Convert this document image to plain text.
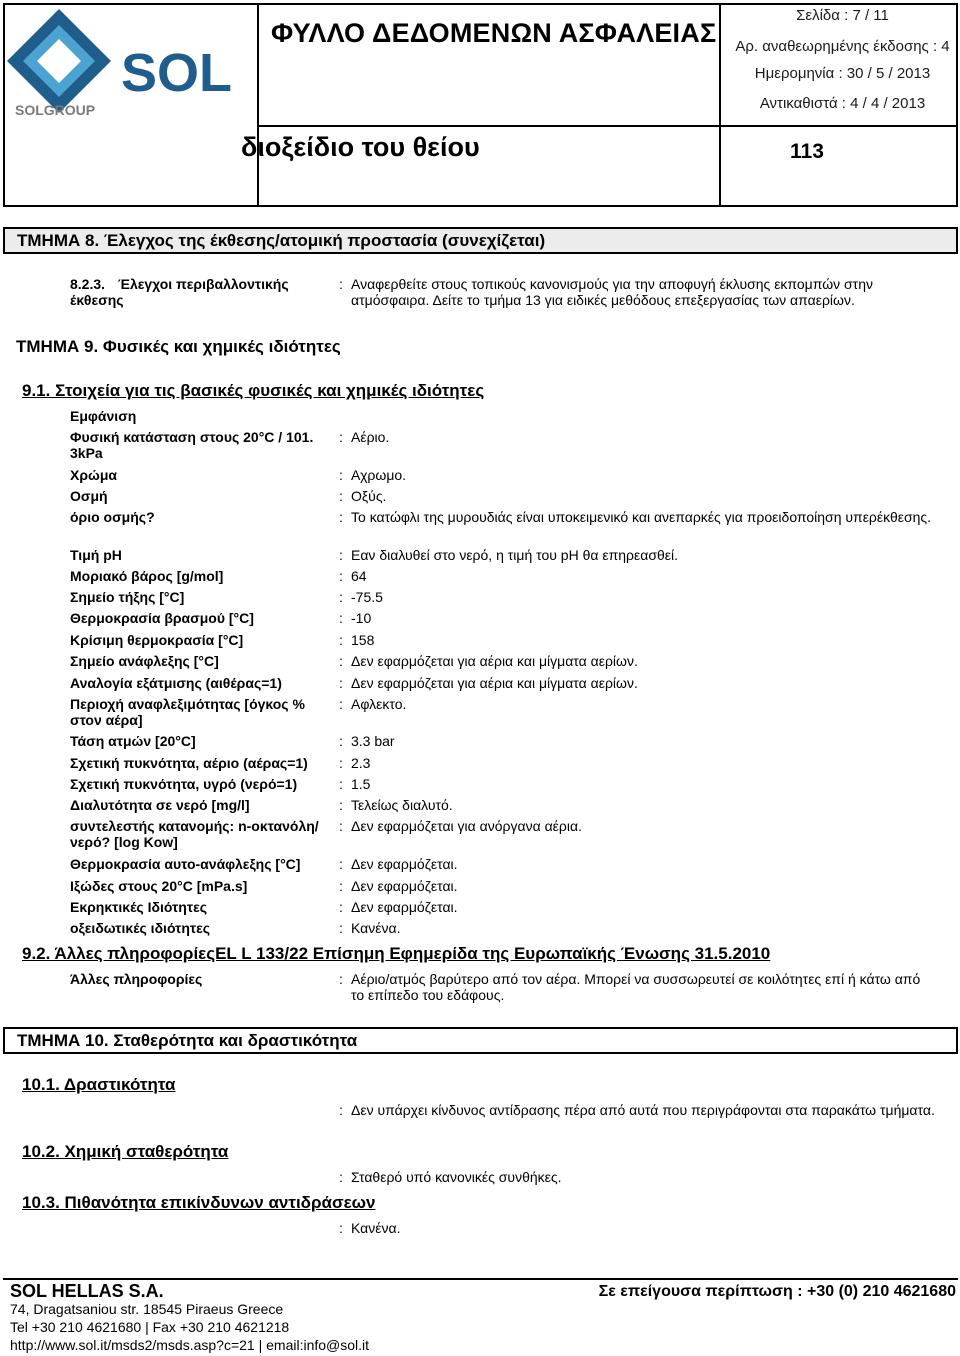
SOL
SOLGROUP
ΦΥΛΛΟ ΔΕΔΟΜΕΝΩΝ ΑΣΦΑΛΕΙΑΣ
Σελίδα : 7 / 11
Αρ. αναθεωρημένης έκδοσης : 4
Ημερομηνία : 30 / 5 / 2013
Αντικαθιστά : 4 / 4 / 2013
διοξείδιο του θείου	113
ΤΜΗΜΑ 8. Έλεγχος της έκθεσης/ατομική προστασία (συνεχίζεται)
8.2.3. Έλεγχοι περιβαλλοντικής έκθεσης
: Αναφερθείτε στους τοπικούς κανονισμούς για την αποφυγή έκλυσης εκπομπών στην ατμόσφαιρα. Δείτε το τμήμα 13 για ειδικές μεθόδους επεξεργασίας των απαερίων.
ΤΜΗΜΑ 9. Φυσικές και χημικές ιδιότητες
9.1. Στοιχεία για τις βασικές φυσικές και χημικές ιδιότητες
Εμφάνιση
Φυσική κατάσταση στους 20°C / 101. 3kPa
: Αέριο.
Χρώμα	: Αχρωμο.
Οσμή	: Οξύς.
όριο οσμής?	: Το κατώφλι της μυρουδιάς είναι υποκειμενικό και ανεπαρκές για προειδοποίηση υπερέκθεσης.
Τιμή pH	: Εαν διαλυθεί στο νερό, η τιμή του pH θα επηρεασθεί.
Μοριακό βάρος [g/mol]	: 64
Σημείο τήξης [°C]	: -75.5
Θερμοκρασία βρασμού [°C]	: -10
Κρίσιμη θερμοκρασία [°C]	: 158
Σημείο ανάφλεξης [°C]	: Δεν εφαρμόζεται για αέρια και μίγματα αερίων.
Αναλογία εξάτμισης (αιθέρας=1)	: Δεν εφαρμόζεται για αέρια και μίγματα αερίων.
Περιοχή αναφλεξιμότητας [όγκος % στον αέρα]
: Αφλεκτο.
Τάση ατμών [20°C]	: 3.3 bar
Σχετική πυκνότητα, αέριο (αέρας=1)	: 2.3
Σχετική πυκνότητα, υγρό (νερό=1)	: 1.5
Διαλυτότητα σε νερό [mg/l]	: Τελείως διαλυτό.
συντελεστής κατανομής: n-οκτανόλη/ νερό? [log Kow]
: Δεν εφαρμόζεται για ανόργανα αέρια.
Θερμοκρασία αυτο-ανάφλεξης [°C]	: Δεν εφαρμόζεται.
Ιξώδες στους 20°C [mPa.s]	: Δεν εφαρμόζεται.
Εκρηκτικές Ιδιότητες	: Δεν εφαρμόζεται.
οξειδωτικές ιδιότητες	: Κανένα.
9.2. Άλλες πληροφορίεςEL L 133/22 Επίσημη Εφημερίδα της Ευρωπαϊκής Ένωσης 31.5.2010
Άλλες πληροφορίες	: Αέριο/ατμός βαρύτερο από τον αέρα. Μπορεί να συσσωρευτεί σε κοιλότητες επί ή κάτω από το επίπεδο του εδάφους.
ΤΜΗΜΑ 10. Σταθερότητα και δραστικότητα
10.1. Δραστικότητα
: Δεν υπάρχει κίνδυνος αντίδρασης πέρα από αυτά που περιγράφονται στα παρακάτω τμήματα.
10.2. Χημική σταθερότητα
: Σταθερό υπό κανονικές συνθήκες.
10.3. Πιθανότητα επικίνδυνων αντιδράσεων
: Κανένα.
SOL HELLAS S.A.
74, Dragatsaniou str. 18545 Piraeus Greece
Tel +30 210 4621680 | Fax +30 210 4621218
http://www.sol.it/msds2/msds.asp?c=21 | email:info@sol.it
Σε επείγουσα περίπτωση : +30 (0) 210 4621680
